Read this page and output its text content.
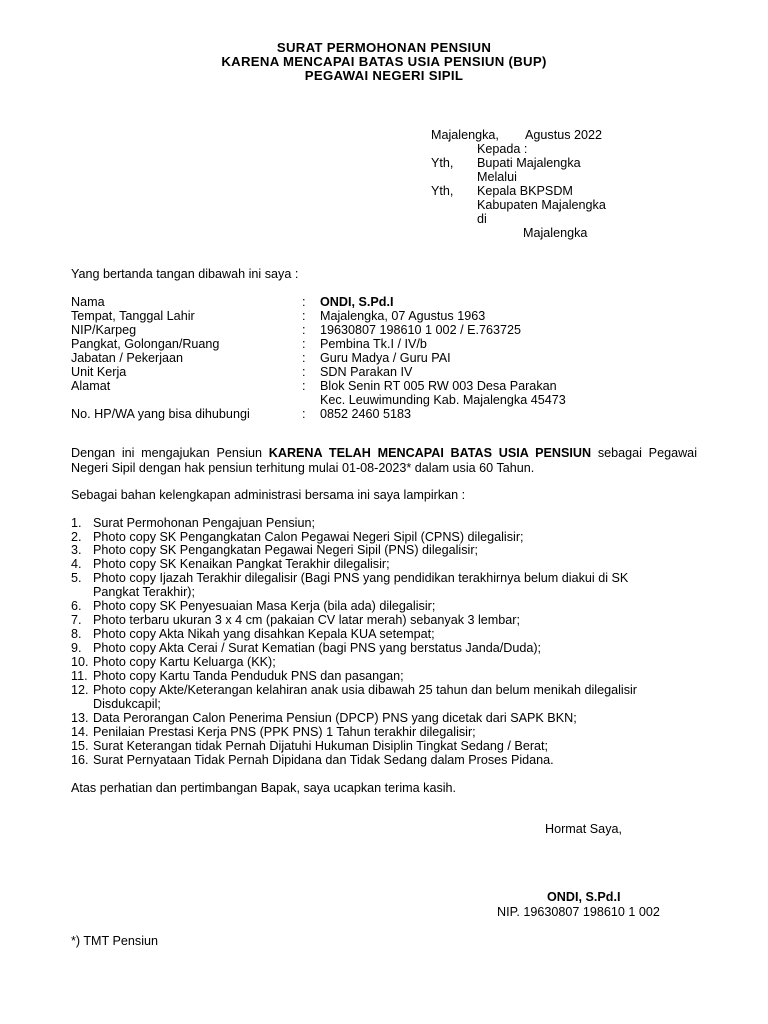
SURAT PERMOHONAN PENSIUN
KARENA MENCAPAI BATAS USIA PENSIUN (BUP)
PEGAWAI NEGERI SIPIL
Majalengka, Agustus 2022
Kepada :
Yth, Bupati Majalengka
Melalui
Yth, Kepala BKPSDM
Kabupaten Majalengka
di
Majalengka
Yang bertanda tangan dibawah ini saya :
Nama	: ONDI, S.Pd.I
Tempat, Tanggal Lahir	: Majalengka, 07 Agustus 1963
NIP/Karpeg	: 19630807 198610 1 002 / E.763725
Pangkat, Golongan/Ruang	: Pembina Tk.I / IV/b
Jabatan / Pekerjaan	: Guru Madya / Guru PAI
Unit Kerja	: SDN Parakan IV
Alamat	: Blok Senin RT 005 RW 003 Desa Parakan
Kec. Leuwimunding Kab. Majalengka 45473
No. HP/WA yang bisa dihubungi	: 0852 2460 5183
Dengan ini mengajukan Pensiun KARENA TELAH MENCAPAI BATAS USIA PENSIUN sebagai Pegawai Negeri Sipil dengan hak pensiun terhitung mulai 01-08-2023* dalam usia 60 Tahun.
Sebagai bahan kelengkapan administrasi bersama ini saya lampirkan :
1. Surat Permohonan Pengajuan Pensiun;
2. Photo copy SK Pengangkatan Calon Pegawai Negeri Sipil (CPNS) dilegalisir;
3. Photo copy SK Pengangkatan Pegawai Negeri Sipil (PNS) dilegalisir;
4. Photo copy SK Kenaikan Pangkat Terakhir dilegalisir;
5. Photo copy Ijazah Terakhir dilegalisir (Bagi PNS yang pendidikan terakhirnya belum diakui di SK
Pangkat Terakhir);
6. Photo copy SK Penyesuaian Masa Kerja (bila ada) dilegalisir;
7. Photo terbaru ukuran 3 x 4 cm (pakaian CV latar merah) sebanyak 3 lembar;
8. Photo copy Akta Nikah yang disahkan Kepala KUA setempat;
9. Photo copy Akta Cerai / Surat Kematian (bagi PNS yang berstatus Janda/Duda);
10. Photo copy Kartu Keluarga (KK);
11. Photo copy Kartu Tanda Penduduk PNS dan pasangan;
12. Photo copy Akte/Keterangan kelahiran anak usia dibawah 25 tahun dan belum menikah dilegalisir
Disdukcapil;
13. Data Perorangan Calon Penerima Pensiun (DPCP) PNS yang dicetak dari SAPK BKN;
14. Penilaian Prestasi Kerja PNS (PPK PNS) 1 Tahun terakhir dilegalisir;
15. Surat Keterangan tidak Pernah Dijatuhi Hukuman Disiplin Tingkat Sedang / Berat;
16. Surat Pernyataan Tidak Pernah Dipidana dan Tidak Sedang dalam Proses Pidana.
Atas perhatian dan pertimbangan Bapak, saya ucapkan terima kasih.
Hormat Saya,
ONDI, S.Pd.I
NIP. 19630807 198610 1 002
*) TMT Pensiun
